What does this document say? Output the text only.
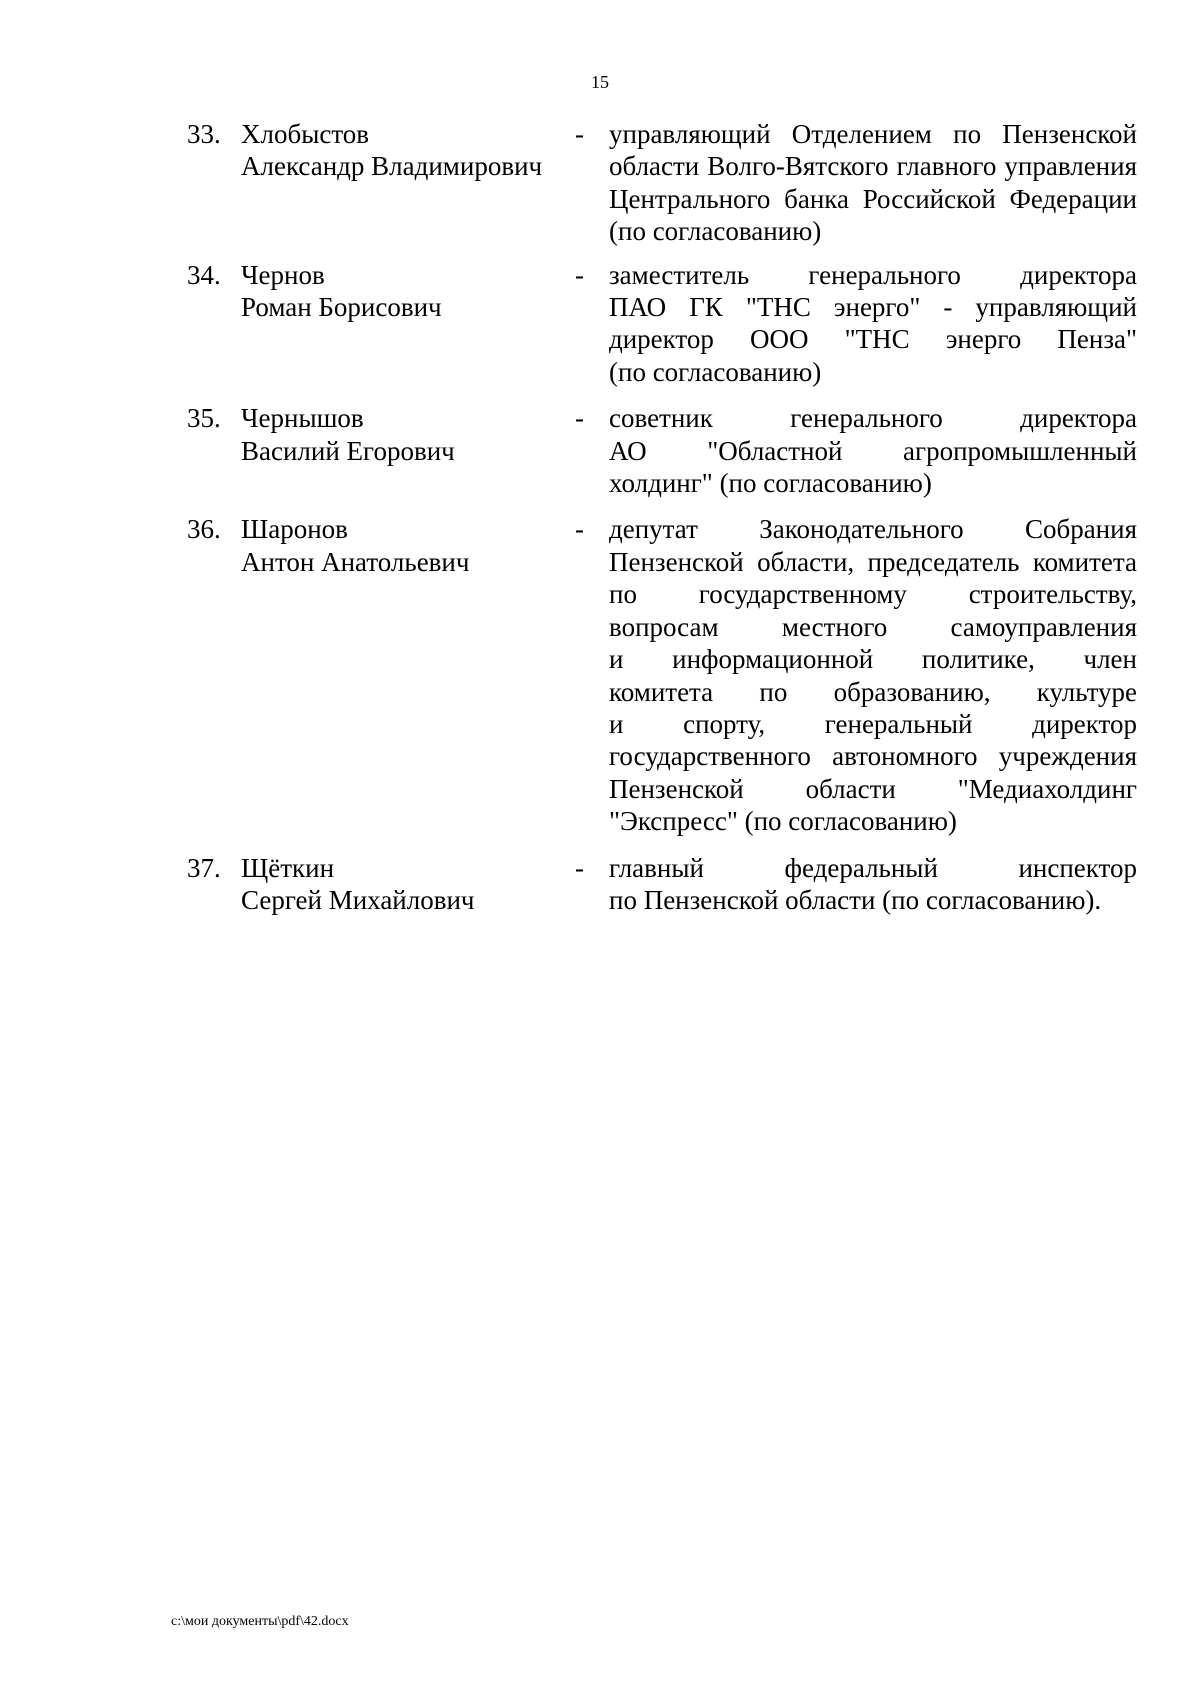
15
33. Хлобыстов
Александр Владимирович
- управляющий Отделением по Пензенской
области Волго-Вятского главного управления
Центрального банка Российской Федерации
(по согласованию)
34. Чернов
Роман Борисович
- заместитель генерального директора
ПАО ГК "ТНС энерго" - управляющий
директор ООО "ТНС энерго Пенза"
(по согласованию)
35. Чернышов
Василий Егорович
- советник генерального директора
АО "Областной агропромышленный
холдинг" (по согласованию)
36. Шаронов
Антон Анатольевич
- депутат Законодательного Собрания
Пензенской области, председатель комитета
по государственному строительству,
вопросам местного самоуправления
и информационной политике, член
комитета по образованию, культуре
и спорту, генеральный директор
государственного автономного учреждения
Пензенской области "Медиахолдинг
"Экспресс" (по согласованию)
37. Щёткин
Сергей Михайлович
- главный федеральный инспектор
по Пензенской области (по согласованию).
c:\мои документы\pdf\42.docx
